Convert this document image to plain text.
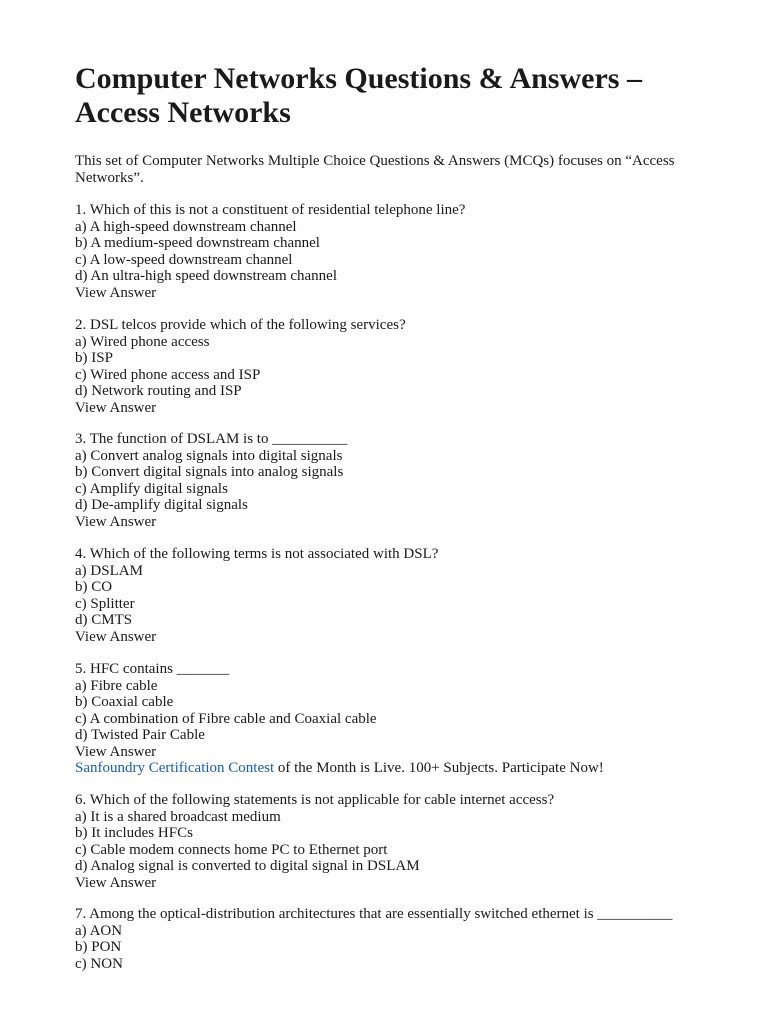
Computer Networks Questions & Answers –
Access Networks

This set of Computer Networks Multiple Choice Questions & Answers (MCQs) focuses on “Access Networks”.

1. Which of this is not a constituent of residential telephone line?
a) A high-speed downstream channel
b) A medium-speed downstream channel
c) A low-speed downstream channel
d) An ultra-high speed downstream channel
View Answer
2. DSL telcos provide which of the following services?
a) Wired phone access
b) ISP
c) Wired phone access and ISP
d) Network routing and ISP
View Answer
3. The function of DSLAM is to __________
a) Convert analog signals into digital signals
b) Convert digital signals into analog signals
c) Amplify digital signals
d) De-amplify digital signals
View Answer
4. Which of the following terms is not associated with DSL?
a) DSLAM
b) CO
c) Splitter
d) CMTS
View Answer
5. HFC contains _______
a) Fibre cable
b) Coaxial cable
c) A combination of Fibre cable and Coaxial cable
d) Twisted Pair Cable
View Answer
Sanfoundry Certification Contest of the Month is Live. 100+ Subjects. Participate Now!
6. Which of the following statements is not applicable for cable internet access?
a) It is a shared broadcast medium
b) It includes HFCs
c) Cable modem connects home PC to Ethernet port
d) Analog signal is converted to digital signal in DSLAM
View Answer
7. Among the optical-distribution architectures that are essentially switched ethernet is __________
a) AON
b) PON
c) NON
